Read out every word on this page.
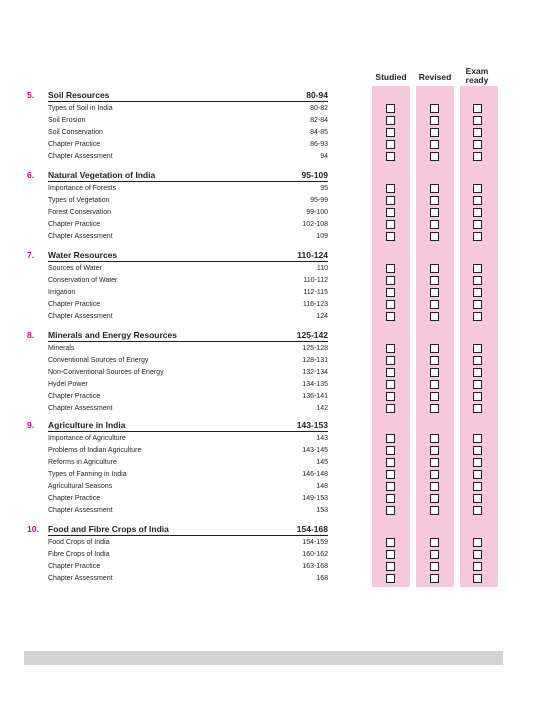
Studied	Revised
Exam ready
5. Soil Resources	80-94
Types of Soil in India	80-82
Soil Erosion	82-84
Soil Conservation	84-85
Chapter Practice	86-93
Chapter Assessment	94
6. Natural Vegetation of India	95-109
Importance of Forests	95
Types of Vegetation	95-99
Forest Conservation	99-100
Chapter Practice	102-108
Chapter Assessment	109
7. Water Resources	110-124
Sources of Water	110
Conservation of Water	110-112
Irrigation	112-115
Chapter Practice	116-123
Chapter Assessment	124
8. Minerals and Energy Resources	125-142
Minerals	125-128
Conventional Sources of Energy	128-131
Non-Conventional Sources of Energy	132-134
Hydel Power	134-135
Chapter Practice	136-141
Chapter Assessment	142
9. Agriculture in India	143-153
Importance of Agriculture	143
Problems of Indian Agriculture	143-145
Reforms in Agriculture	145
Types of Farming in India	146-148
Agricultural Seasons	148
Chapter Practice	149-153
Chapter Assessment	153
10. Food and Fibre Crops of India	154-168
Food Crops of India	154-159
Fibre Crops of India	160-162
Chapter Practice	163-168
Chapter Assessment	168
